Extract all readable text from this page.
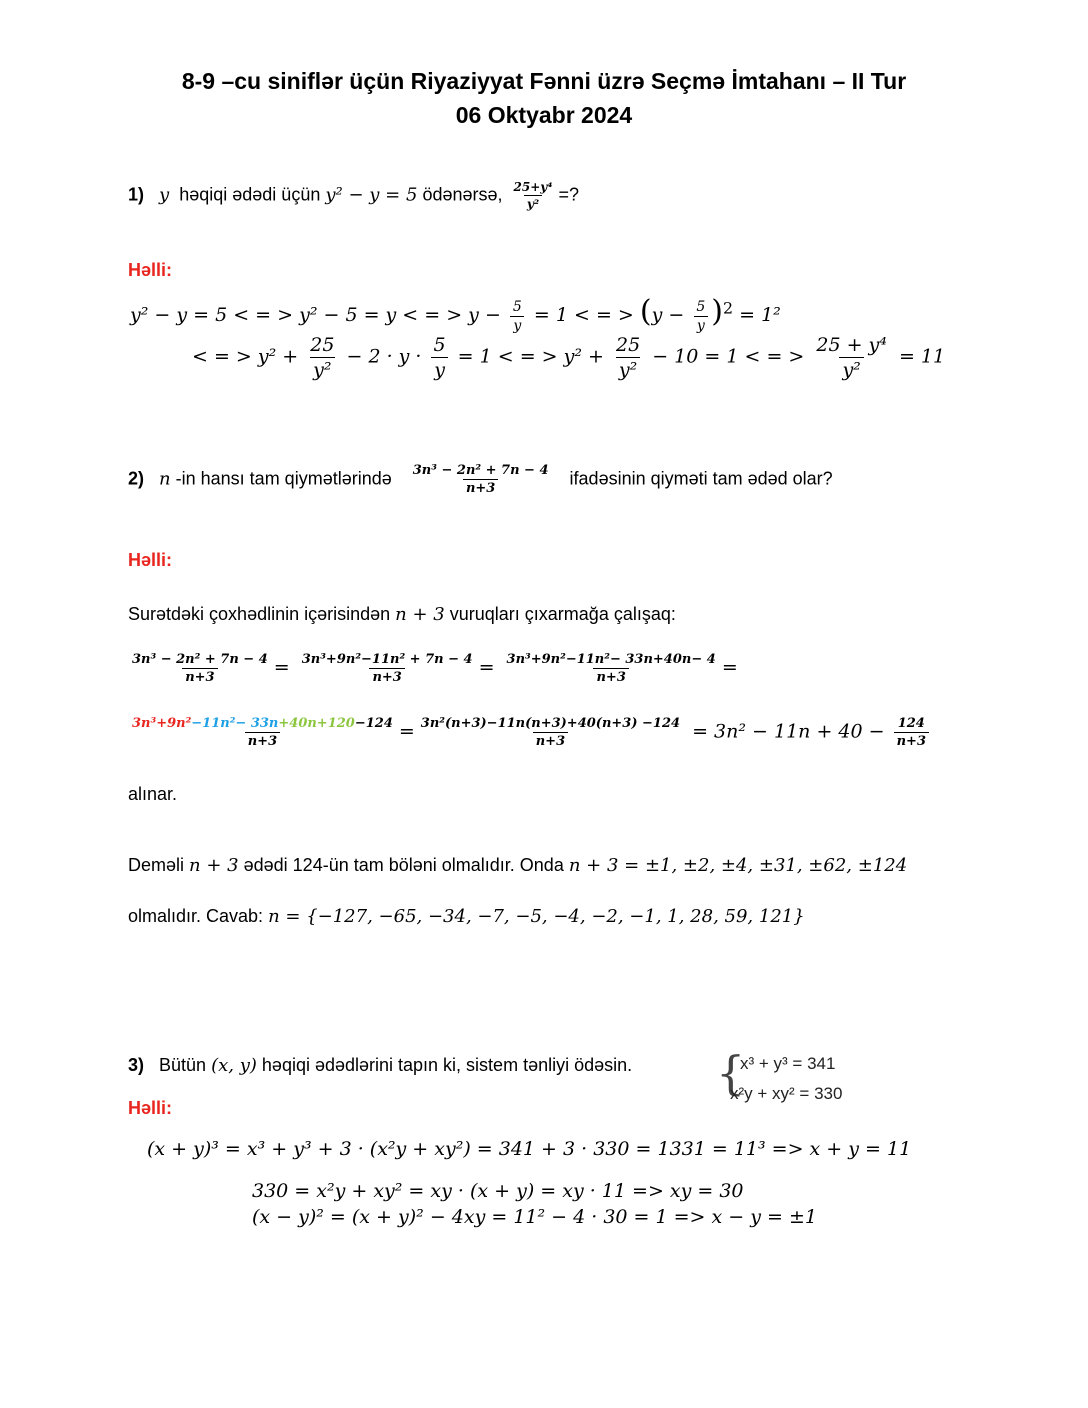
8-9 –cu siniflər üçün Riyaziyyat Fənni üzrə Seçmə İmtahanı – II Tur
06 Oktyabr 2024
1) y həqiqi ədədi üçün y² − y = 5 ödənərsə, $\frac{\text{25+y⁴}}{\text{y²}}$ =?
Həlli:
y² − y = 5 < = > y² − 5 = y < = > $y - \frac{5}{y} = 1$ < = > $(y - \frac{5}{y} )^2 = 1^2$
< = > $y^2 + \frac{25}{\text{y²}} - 2 \cdot y \cdot \frac{5}{y} = 1$ < = > $y^2 + \frac{25}{\text{y²}} - 10 = 1$ < = > $\frac{\text{25 + y⁴}}{\text{y²}} = 11$
2) n -in hansı tam qiymətlərində $\frac{\text{3n³ − 2n² + 7n − 4}}{n+3}$ ifadəsinin qiyməti tam ədəd olar?
Həlli:
Surətdəki çoxhədlinin içərisindən n + 3 vuruqları çıxarmağa çalışaq:
$\frac{\text{3n³ − 2n² + 7n − 4}}{n+3} = \frac{\text{3n³+9n²−11n² + 7n − 4}}{n+3} = \frac{\text{3n³+9n²−11n²− 33n+40n− 4}}{n+3}$ =
$\frac{\text{3n³+9n²−11n²− 33n+40n+120−124}}{n+3} = \frac{\text{3n²(n+3)−11n(n+3)+40(n+3) −124}}{n+3} = 3n^2 - 11n + 40 - \frac{124}{n+3}$
alınar.
Deməli n + 3 ədədi 124-ün tam böləni olmalıdır. Onda n + 3 = ±1, ±2, ±4, ±31, ±62, ±124
olmalıdır. Cavab: n = {−127, −65, −34, −7, −5, −4, −2, −1, 1, 28, 59, 121}
3) Bütün (x, y) həqiqi ədədlərini tapın ki, sistem tənliyi ödəsin. {
x³ + y³ = 341
x²y + xy² = 330
Həlli:
(x + y)³ = x³ + y³ + 3 · (x²y + xy²) = 341 + 3 · 330 = 1331 = 11³ => x + y = 11
330 = x²y + xy² = xy · (x + y) = xy · 11 => xy = 30
(x − y)² = (x + y)² − 4xy = 11² − 4 · 30 = 1 => x − y = ±1
